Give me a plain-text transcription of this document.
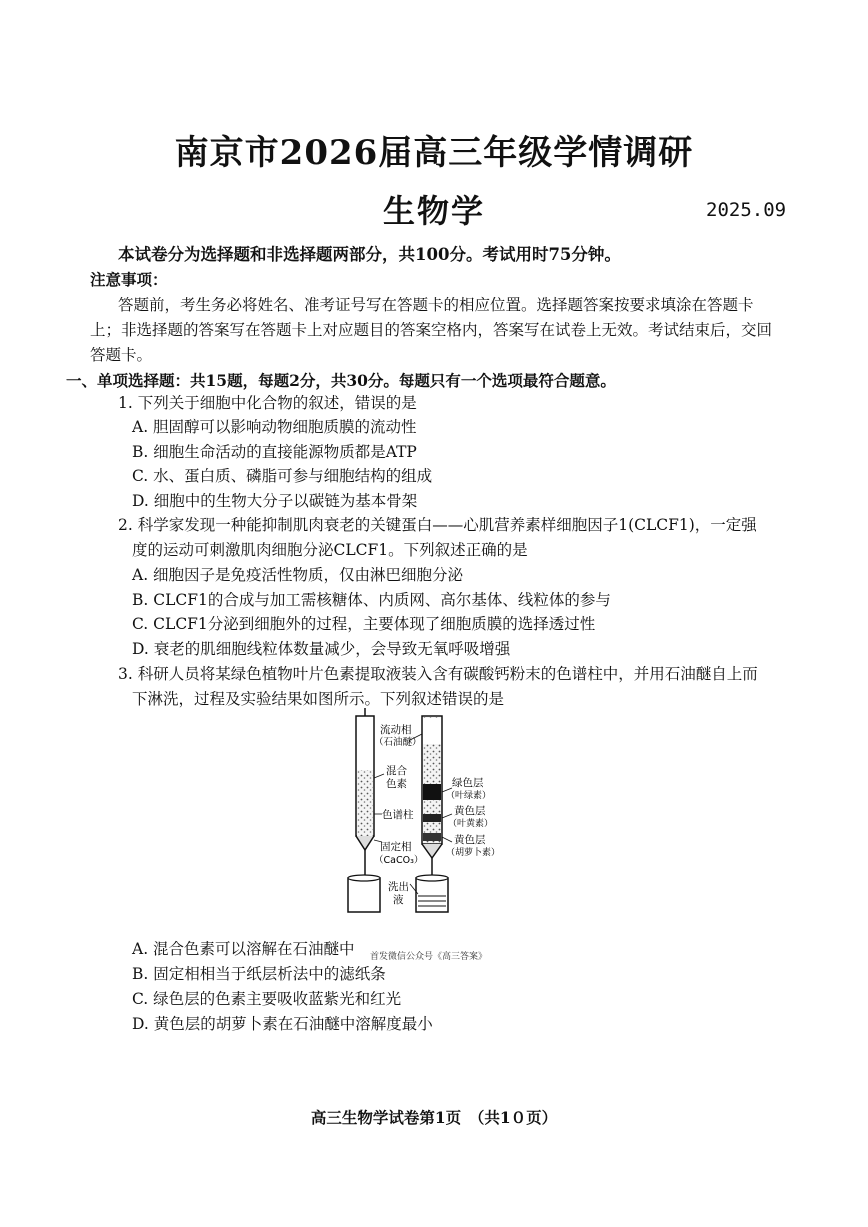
南京市2026届高三年级学情调研
生物学	2025.09
本试卷分为选择题和非选择题两部分，共100分。考试用时75分钟。
注意事项：
答题前，考生务必将姓名、准考证号写在答题卡的相应位置。选择题答案按要求填涂在答题卡
上；非选择题的答案写在答题卡上对应题目的答案空格内，答案写在试卷上无效。考试结束后，交回
答题卡。
一、单项选择题：共15题，每题2分，共30分。每题只有一个选项最符合题意。
1. 下列关于细胞中化合物的叙述，错误的是
A. 胆固醇可以影响动物细胞质膜的流动性
B. 细胞生命活动的直接能源物质都是ATP
C. 水、蛋白质、磷脂可参与细胞结构的组成
D. 细胞中的生物大分子以碳链为基本骨架
2. 科学家发现一种能抑制肌肉衰老的关键蛋白——心肌营养素样细胞因子1(CLCF1)，一定强
度的运动可刺激肌肉细胞分泌CLCF1。下列叙述正确的是
A. 细胞因子是免疫活性物质，仅由淋巴细胞分泌
B. CLCF1的合成与加工需核糖体、内质网、高尔基体、线粒体的参与
C. CLCF1分泌到细胞外的过程，主要体现了细胞质膜的选择透过性
D. 衰老的肌细胞线粒体数量减少，会导致无氧呼吸增强
3. 科研人员将某绿色植物叶片色素提取液装入含有碳酸钙粉末的色谱柱中，并用石油醚自上而
下淋洗，过程及实验结果如图所示。下列叙述错误的是
流动相
（石油醚）
混合
色素
色谱柱
固定相
（CaCO₃）
绿色层
（叶绿素）
黄色层
（叶黄素）
黄色层
（胡萝卜素）
洗出
液
A. 混合色素可以溶解在石油醚中 首发微信公众号《高三答案》
B. 固定相相当于纸层析法中的滤纸条
C. 绿色层的色素主要吸收蓝紫光和红光
D. 黄色层的胡萝卜素在石油醚中溶解度最小
高三生物学试卷第1页　（共1０页）
